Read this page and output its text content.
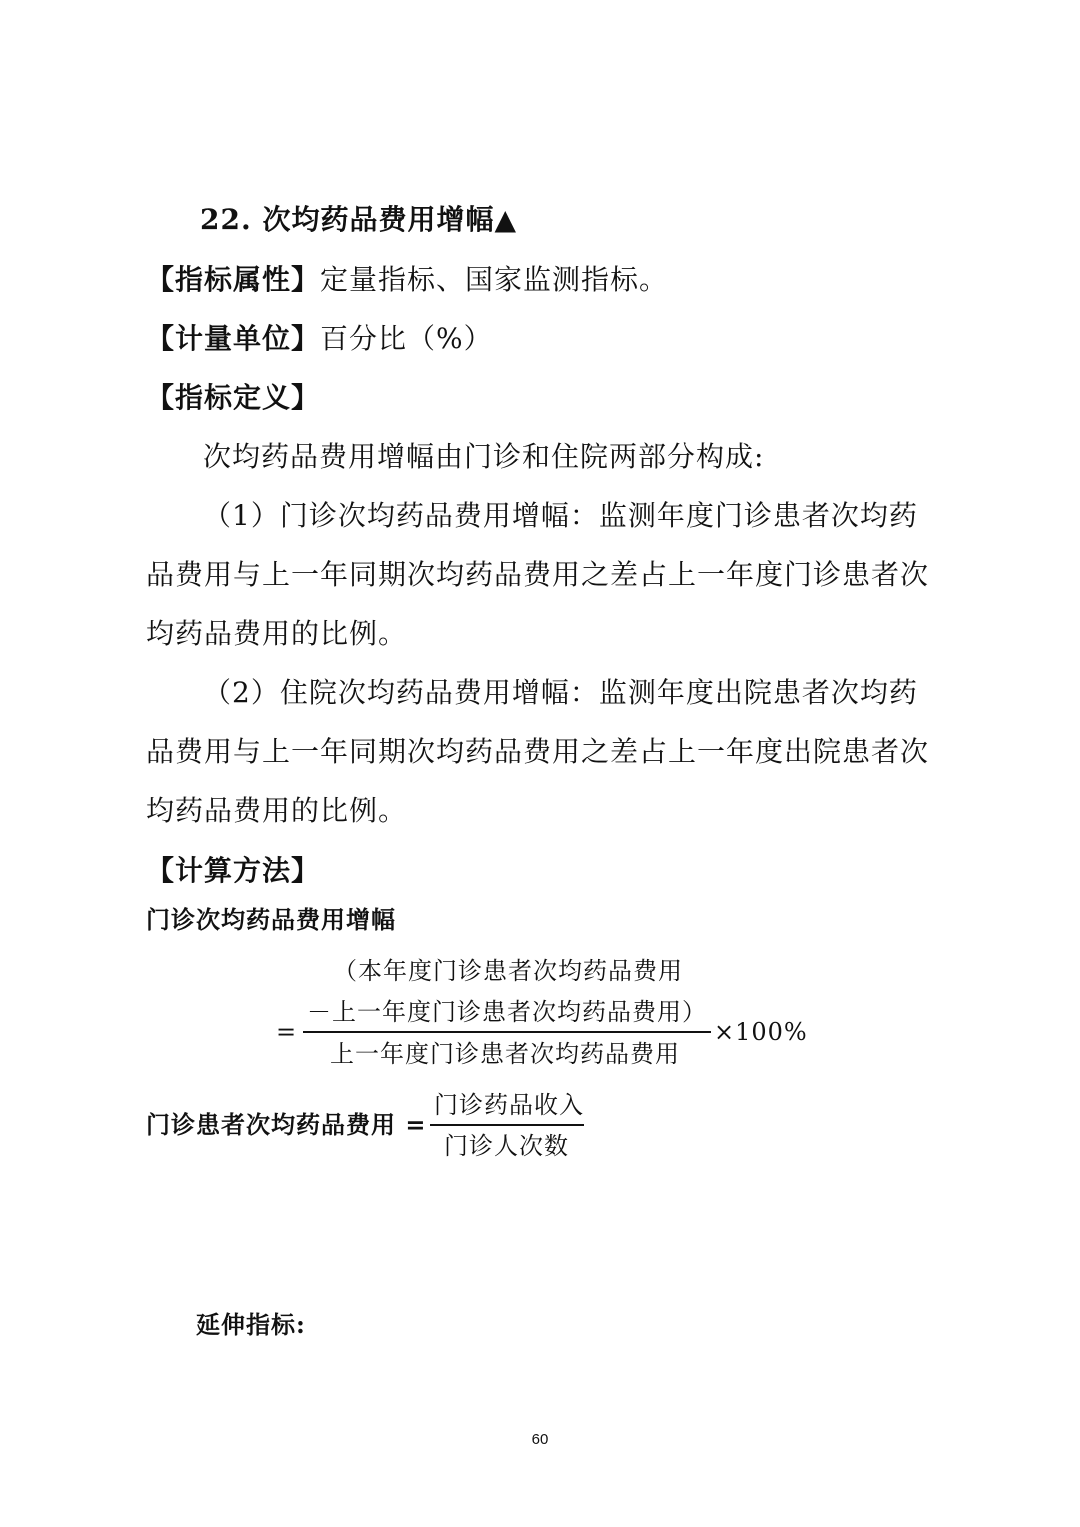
22. 次均药品费用增幅▲
【指标属性】定量指标、国家监测指标。
【计量单位】百分比（%）
【指标定义】
次均药品费用增幅由门诊和住院两部分构成:
（1）门诊次均药品费用增幅：监测年度门诊患者次均药
品费用与上一年同期次均药品费用之差占上一年度门诊患者次
均药品费用的比例。
（2）住院次均药品费用增幅：监测年度出院患者次均药
品费用与上一年同期次均药品费用之差占上一年度出院患者次
均药品费用的比例。
【计算方法】
门诊次均药品费用增幅
=
（本年度门诊患者次均药品费用
－上一年度门诊患者次均药品费用）
上一年度门诊患者次均药品费用
×100%
门诊患者次均药品费用 =
门诊药品收入
门诊人次数
延伸指标:
60
